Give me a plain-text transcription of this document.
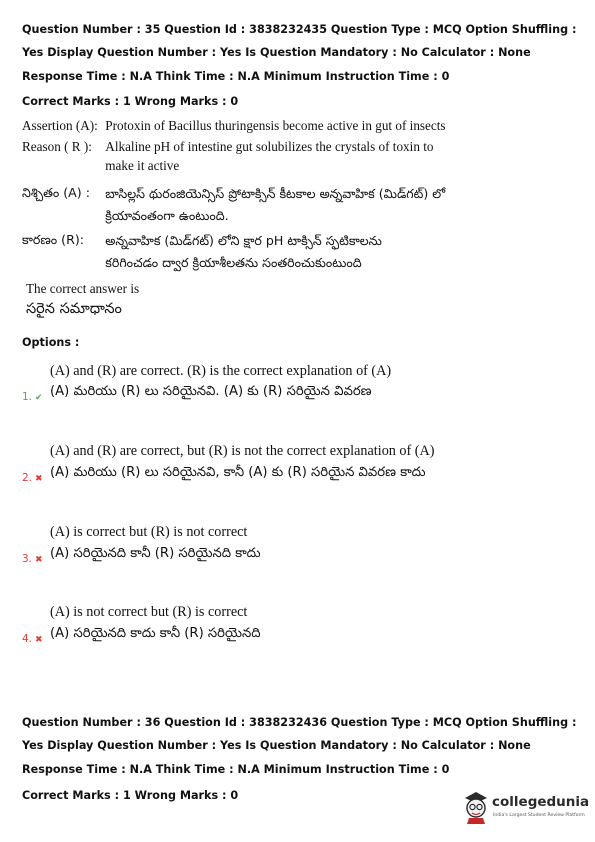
Question Number : 35 Question Id : 3838232435 Question Type : MCQ Option Shuffling : Yes Display Question Number : Yes Is Question Mandatory : No Calculator : None Response Time : N.A Think Time : N.A Minimum Instruction Time : 0
Correct Marks : 1 Wrong Marks : 0
Assertion (A): Protoxin of Bacillus thuringensis become active in gut of insects
Reason ( R ): Alkaline pH of intestine gut solubilizes the crystals of toxin to make it active
నిశ్చితం (A) : బాసిల్లస్ థురంజియెన్సిస్ ప్రోటాక్సిన్ కీటకాల అన్నవాహిక (మిడ్‌గట్) లో క్రియావంతంగా ఉంటుంది.
కారణం (R): అన్నవాహిక (మిడ్‌గట్) లోని క్షార pH టాక్సిన్ స్ఫటికాలను కరిగించడం ద్వార క్రియాశీలతను సంతరించుకుంటుంది
The correct answer is
సరైన సమాధానం
Options :
(A) and (R) are correct. (R) is the correct explanation of (A)
1. ✔ (A) మరియు (R) లు సరియైనవి. (A) కు (R) సరియైన వివరణ
(A) and (R) are correct, but (R) is not the correct explanation of (A)
2. ✖ (A) మరియు (R) లు సరియైనవి, కానీ (A) కు (R) సరియైన వివరణ కాదు
(A) is correct but (R) is not correct
3. ✖ (A) సరియైనది కానీ (R) సరియైనది కాదు
(A) is not correct but (R) is correct
4. ✖ (A) సరియైనది కాదు కానీ (R) సరియైనది
Question Number : 36 Question Id : 3838232436 Question Type : MCQ Option Shuffling : Yes Display Question Number : Yes Is Question Mandatory : No Calculator : None Response Time : N.A Think Time : N.A Minimum Instruction Time : 0
Correct Marks : 1 Wrong Marks : 0	collegedunia
India's Largest Student Review Platform
